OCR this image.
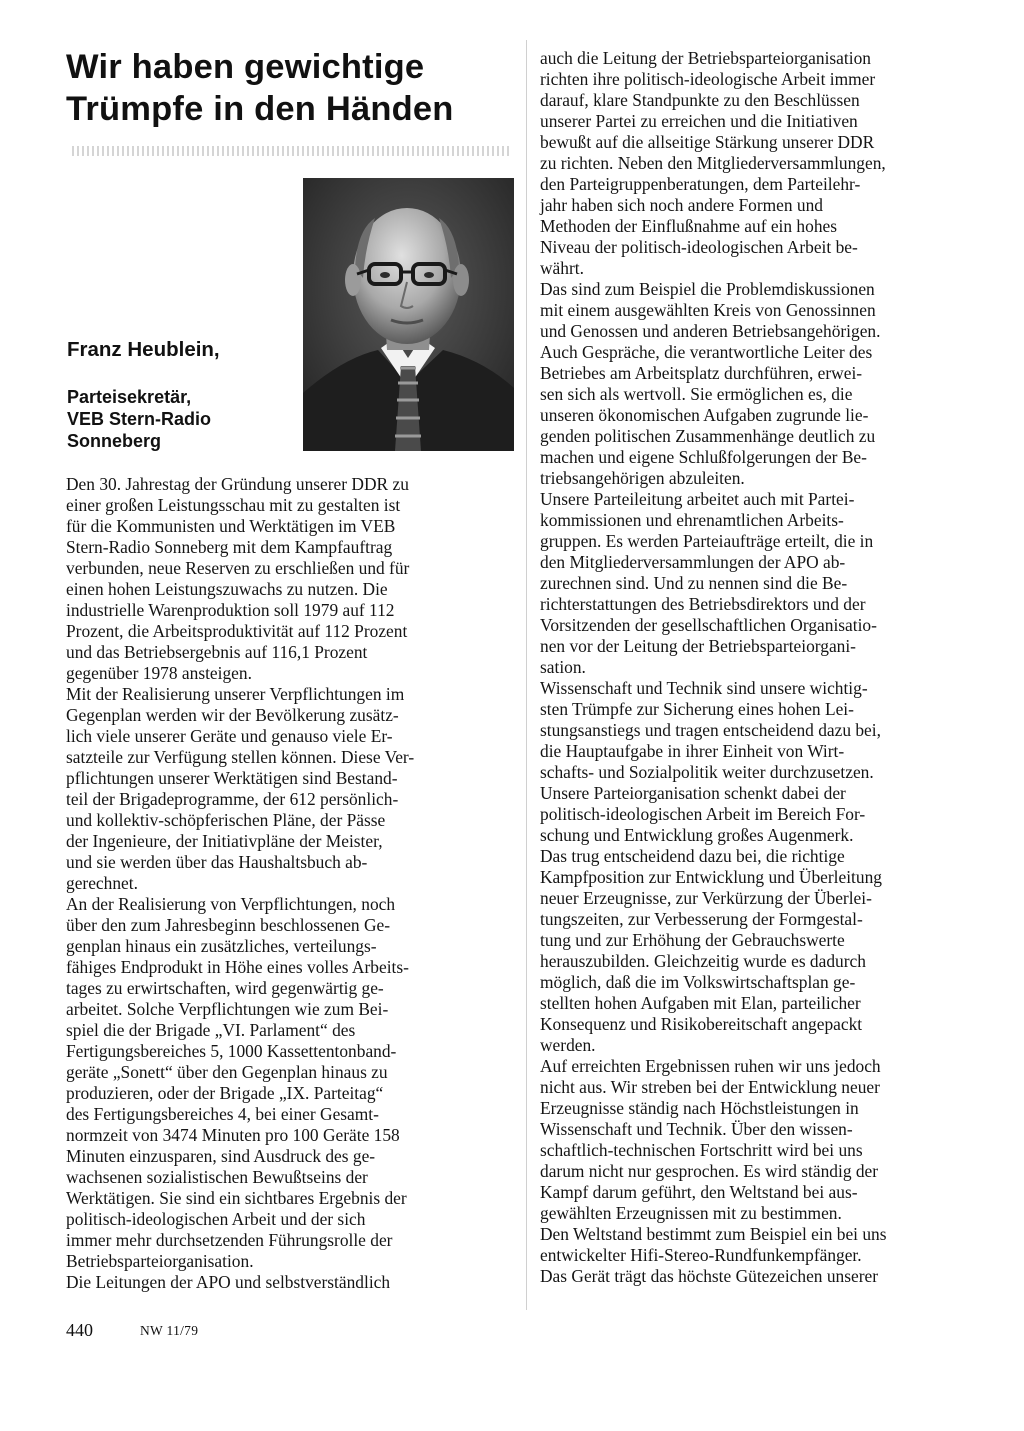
Wir haben gewichtige
Trümpfe in den Händen

Franz Heublein,

Parteisekretär,
VEB Stern-Radio
Sonneberg

Den 30. Jahrestag der Gründung unserer DDR zu
einer großen Leistungsschau mit zu gestalten ist
für die Kommunisten und Werktätigen im VEB
Stern-Radio Sonneberg mit dem Kampfauftrag
verbunden, neue Reserven zu erschließen und für
einen hohen Leistungszuwachs zu nutzen. Die
industrielle Warenproduktion soll 1979 auf 112
Prozent, die Arbeitsproduktivität auf 112 Prozent
und das Betriebsergebnis auf 116,1 Prozent
gegenüber 1978 ansteigen.
Mit der Realisierung unserer Verpflichtungen im
Gegenplan werden wir der Bevölkerung zusätz-
lich viele unserer Geräte und genauso viele Er-
satzteile zur Verfügung stellen können. Diese Ver-
pflichtungen unserer Werktätigen sind Bestand-
teil der Brigadeprogramme, der 612 persönlich-
und kollektiv-schöpferischen Pläne, der Pässe
der Ingenieure, der Initiativpläne der Meister,
und sie werden über das Haushaltsbuch ab-
gerechnet.
An der Realisierung von Verpflichtungen, noch
über den zum Jahresbeginn beschlossenen Ge-
genplan hinaus ein zusätzliches, verteilungs-
fähiges Endprodukt in Höhe eines volles Arbeits-
tages zu erwirtschaften, wird gegenwärtig ge-
arbeitet. Solche Verpflichtungen wie zum Bei-
spiel die der Brigade „VI. Parlament“ des
Fertigungsbereiches 5, 1000 Kassettentonband-
geräte „Sonett“ über den Gegenplan hinaus zu
produzieren, oder der Brigade „IX. Parteitag“
des Fertigungsbereiches 4, bei einer Gesamt-
normzeit von 3474 Minuten pro 100 Geräte 158
Minuten einzusparen, sind Ausdruck des ge-
wachsenen sozialistischen Bewußtseins der
Werktätigen. Sie sind ein sichtbares Ergebnis der
politisch-ideologischen Arbeit und der sich
immer mehr durchsetzenden Führungsrolle der
Betriebsparteiorganisation.
Die Leitungen der APO und selbstverständlich
auch die Leitung der Betriebsparteiorganisation
richten ihre politisch-ideologische Arbeit immer
darauf, klare Standpunkte zu den Beschlüssen
unserer Partei zu erreichen und die Initiativen
bewußt auf die allseitige Stärkung unserer DDR
zu richten. Neben den Mitgliederversammlungen,
den Parteigruppenberatungen, dem Parteilehr-
jahr haben sich noch andere Formen und
Methoden der Einflußnahme auf ein hohes
Niveau der politisch-ideologischen Arbeit be-
währt.
Das sind zum Beispiel die Problemdiskussionen
mit einem ausgewählten Kreis von Genossinnen
und Genossen und anderen Betriebsangehörigen.
Auch Gespräche, die verantwortliche Leiter des
Betriebes am Arbeitsplatz durchführen, erwei-
sen sich als wertvoll. Sie ermöglichen es, die
unseren ökonomischen Aufgaben zugrunde lie-
genden politischen Zusammenhänge deutlich zu
machen und eigene Schlußfolgerungen der Be-
triebsangehörigen abzuleiten.
Unsere Parteileitung arbeitet auch mit Partei-
kommissionen und ehrenamtlichen Arbeits-
gruppen. Es werden Parteiaufträge erteilt, die in
den Mitgliederversammlungen der APO ab-
zurechnen sind. Und zu nennen sind die Be-
richterstattungen des Betriebsdirektors und der
Vorsitzenden der gesellschaftlichen Organisatio-
nen vor der Leitung der Betriebsparteiorgani-
sation.
Wissenschaft und Technik sind unsere wichtig-
sten Trümpfe zur Sicherung eines hohen Lei-
stungsanstiegs und tragen entscheidend dazu bei,
die Hauptaufgabe in ihrer Einheit von Wirt-
schafts- und Sozialpolitik weiter durchzusetzen.
Unsere Parteiorganisation schenkt dabei der
politisch-ideologischen Arbeit im Bereich For-
schung und Entwicklung großes Augenmerk.
Das trug entscheidend dazu bei, die richtige
Kampfposition zur Entwicklung und Überleitung
neuer Erzeugnisse, zur Verkürzung der Überlei-
tungszeiten, zur Verbesserung der Formgestal-
tung und zur Erhöhung der Gebrauchswerte
herauszubilden. Gleichzeitig wurde es dadurch
möglich, daß die im Volkswirtschaftsplan ge-
stellten hohen Aufgaben mit Elan, parteilicher
Konsequenz und Risikobereitschaft angepackt
werden.
Auf erreichten Ergebnissen ruhen wir uns jedoch
nicht aus. Wir streben bei der Entwicklung neuer
Erzeugnisse ständig nach Höchstleistungen in
Wissenschaft und Technik. Über den wissen-
schaftlich-technischen Fortschritt wird bei uns
darum nicht nur gesprochen. Es wird ständig der
Kampf darum geführt, den Weltstand bei aus-
gewählten Erzeugnissen mit zu bestimmen.
Den Weltstand bestimmt zum Beispiel ein bei uns
entwickelter Hifi-Stereo-Rundfunkempfänger.
Das Gerät trägt das höchste Gütezeichen unserer
440	NW 11/79
